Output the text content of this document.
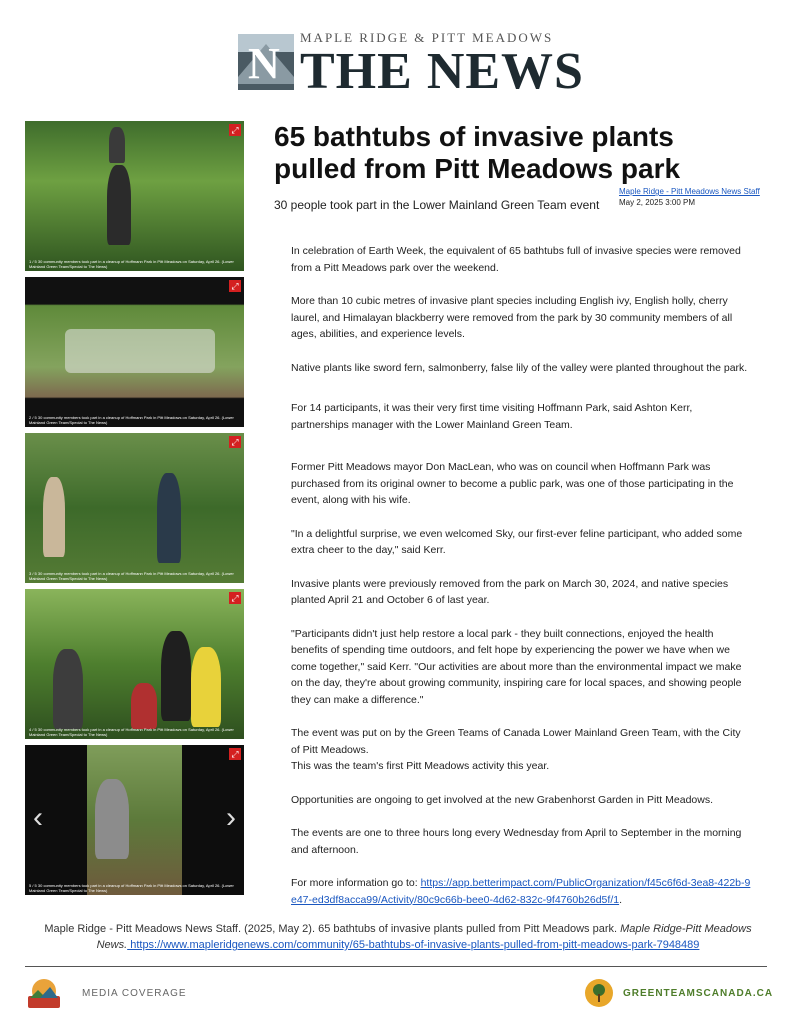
N
MAPLE RIDGE & PITT MEADOWS
THE NEWS
⤢
1 / 5 30 community members took part in a cleanup of Hoffmann Park in Pitt Meadows on Saturday, April 26. (Lower Mainland Green Team/Special to The News)
⤢
2 / 5 30 community members took part in a cleanup of Hoffmann Park in Pitt Meadows on Saturday, April 26. (Lower Mainland Green Team/Special to The News)
⤢
3 / 5 30 community members took part in a cleanup of Hoffmann Park in Pitt Meadows on Saturday, April 26. (Lower Mainland Green Team/Special to The News)
⤢
4 / 5 30 community members took part in a cleanup of Hoffmann Park in Pitt Meadows on Saturday, April 26. (Lower Mainland Green Team/Special to The News)
‹	›
⤢
5 / 5 30 community members took part in a cleanup of Hoffmann Park in Pitt Meadows on Saturday, April 26. (Lower Mainland Green Team/Special to The News)
65 bathtubs of invasive plants pulled from Pitt Meadows park
30 people took part in the Lower Mainland Green Team event
Maple Ridge - Pitt Meadows News Staff
May 2, 2025 3:00 PM

In celebration of Earth Week, the equivalent of 65 bathtubs full of invasive species were removed from a Pitt Meadows park over the weekend.

More than 10 cubic metres of invasive plant species including English ivy, English holly, cherry laurel, and Himalayan blackberry were removed from the park by 30 community members of all ages, abilities, and experience levels.

Native plants like sword fern, salmonberry, false lily of the valley were planted throughout the park.

For 14 participants, it was their very first time visiting Hoffmann Park, said Ashton Kerr, partnerships manager with the Lower Mainland Green Team.

Former Pitt Meadows mayor Don MacLean, who was on council when Hoffmann Park was purchased from its original owner to become a public park, was one of those participating in the event, along with his wife.

"In a delightful surprise, we even welcomed Sky, our first-ever feline participant, who added some extra cheer to the day," said Kerr.

Invasive plants were previously removed from the park on March 30, 2024, and native species planted April 21 and October 6 of last year.

"Participants didn't just help restore a local park - they built connections, enjoyed the health benefits of spending time outdoors, and felt hope by experiencing the power we have when we come together," said Kerr. "Our activities are about more than the environmental impact we make on the day, they're about growing community, inspiring care for local spaces, and showing people they can make a difference."

The event was put on by the Green Teams of Canada Lower Mainland Green Team, with the City of Pitt Meadows.

This was the team's first Pitt Meadows activity this year.

Opportunities are ongoing to get involved at the new Grabenhorst Garden in Pitt Meadows.

The events are one to three hours long every Wednesday from April to September in the morning and afternoon.

For more information go to: https://app.betterimpact.com/PublicOrganization/f45c6f6d-3ea8-422b-9e47-ed3df8acca99/Activity/80c9c66b-bee0-4d62-832c-9f4760b26d5f/1.

Maple Ridge - Pitt Meadows News Staff. (2025, May 2). 65 bathtubs of invasive plants pulled from Pitt Meadows park. Maple Ridge-Pitt Meadows News. https://www.mapleridgenews.com/community/65-bathtubs-of-invasive-plants-pulled-from-pitt-meadows-park-7948489
MEDIA COVERAGE	GREENTEAMSCANADA.CA
